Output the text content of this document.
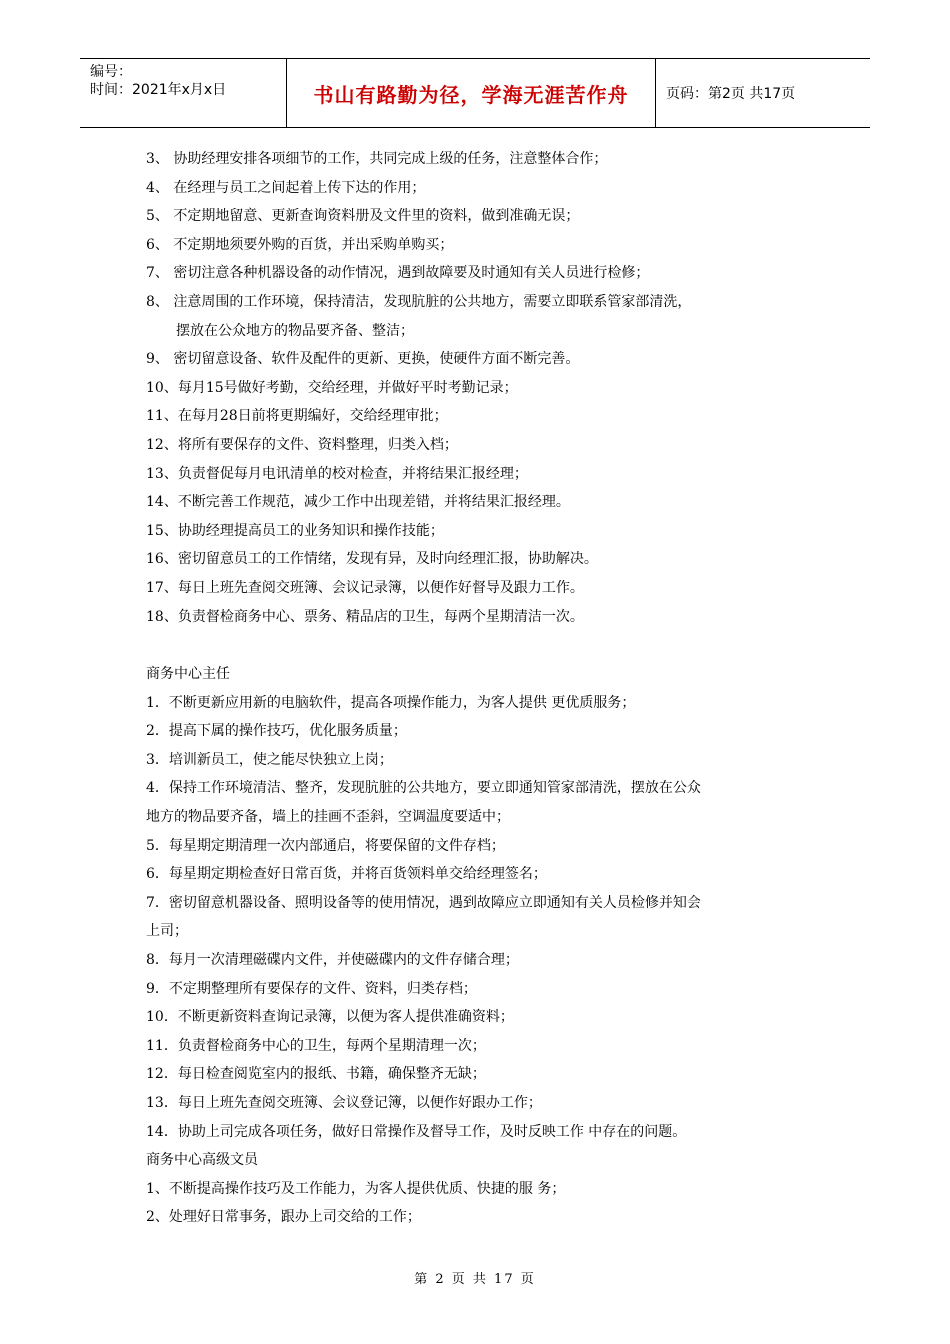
编号：
时间：2021年x月x日	书山有路勤为径，学海无涯苦作舟	页码：第2页 共17页
3、 协助经理安排各项细节的工作，共同完成上级的任务，注意整体合作；
4、 在经理与员工之间起着上传下达的作用；
5、 不定期地留意、更新查询资料册及文件里的资料，做到准确无误；
6、 不定期地须要外购的百货，并出采购单购买；
7、 密切注意各种机器设备的动作情况，遇到故障要及时通知有关人员进行检修；
8、 注意周围的工作环境，保持清洁，发现肮脏的公共地方，需要立即联系管家部清洗，
摆放在公众地方的物品要齐备、整洁；
9、 密切留意设备、软件及配件的更新、更换，使硬件方面不断完善。
10、每月15号做好考勤，交给经理，并做好平时考勤记录；
11、在每月28日前将更期编好，交给经理审批；
12、将所有要保存的文件、资料整理，归类入档；
13、负责督促每月电讯清单的校对检查，并将结果汇报经理；
14、不断完善工作规范，减少工作中出现差错，并将结果汇报经理。
15、协助经理提高员工的业务知识和操作技能；
16、密切留意员工的工作情绪，发现有异，及时向经理汇报，协助解决。
17、每日上班先查阅交班簿、会议记录簿，以便作好督导及跟力工作。
18、负责督检商务中心、票务、精品店的卫生，每两个星期清洁一次。
商务中心主任
1．不断更新应用新的电脑软件，提高各项操作能力，为客人提供 更优质服务；
2．提高下属的操作技巧，优化服务质量；
3．培训新员工，使之能尽快独立上岗；
4．保持工作环境清洁、整齐，发现肮脏的公共地方，要立即通知管家部清洗，摆放在公众
地方的物品要齐备，墙上的挂画不歪斜，空调温度要适中；
5．每星期定期清理一次内部通启，将要保留的文件存档；
6．每星期定期检查好日常百货，并将百货领料单交给经理签名；
7．密切留意机器设备、照明设备等的使用情况，遇到故障应立即通知有关人员检修并知会
上司；
8．每月一次清理磁碟内文件，并使磁碟内的文件存储合理；
9．不定期整理所有要保存的文件、资料，归类存档；
10．不断更新资料查询记录簿，以便为客人提供准确资料；
11．负责督检商务中心的卫生，每两个星期清理一次；
12．每日检查阅览室内的报纸、书籍，确保整齐无缺；
13．每日上班先查阅交班簿、会议登记簿，以便作好跟办工作；
14．协助上司完成各项任务，做好日常操作及督导工作，及时反映工作 中存在的问题。
商务中心高级文员
1、不断提高操作技巧及工作能力，为客人提供优质、快捷的服 务；
2、处理好日常事务，跟办上司交给的工作；
第 2 页 共 17 页
